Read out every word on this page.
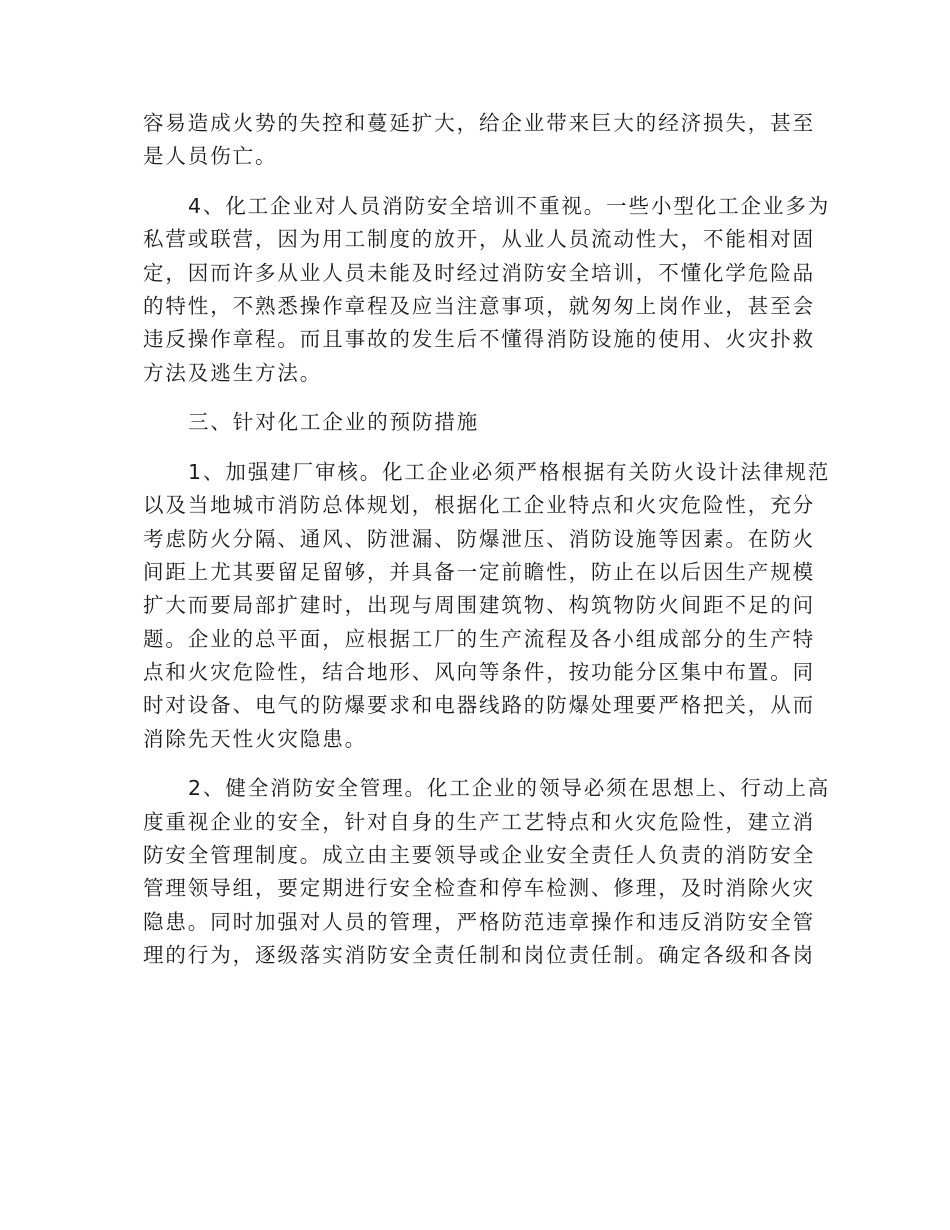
容易造成火势的失控和蔓延扩大，给企业带来巨大的经济损失，甚至
是人员伤亡。
4、化工企业对人员消防安全培训不重视。一些小型化工企业多为
私营或联营，因为用工制度的放开，从业人员流动性大，不能相对固
定，因而许多从业人员未能及时经过消防安全培训，不懂化学危险品
的特性，不熟悉操作章程及应当注意事项，就匆匆上岗作业，甚至会
违反操作章程。而且事故的发生后不懂得消防设施的使用、火灾扑救
方法及逃生方法。
三、针对化工企业的预防措施
1、加强建厂审核。化工企业必须严格根据有关防火设计法律规范
以及当地城市消防总体规划，根据化工企业特点和火灾危险性，充分
考虑防火分隔、通风、防泄漏、防爆泄压、消防设施等因素。在防火
间距上尤其要留足留够，并具备一定前瞻性，防止在以后因生产规模
扩大而要局部扩建时，出现与周围建筑物、构筑物防火间距不足的问
题。企业的总平面，应根据工厂的生产流程及各小组成部分的生产特
点和火灾危险性，结合地形、风向等条件，按功能分区集中布置。同
时对设备、电气的防爆要求和电器线路的防爆处理要严格把关，从而
消除先天性火灾隐患。
2、健全消防安全管理。化工企业的领导必须在思想上、行动上高
度重视企业的安全，针对自身的生产工艺特点和火灾危险性，建立消
防安全管理制度。成立由主要领导或企业安全责任人负责的消防安全
管理领导组，要定期进行安全检查和停车检测、修理，及时消除火灾
隐患。同时加强对人员的管理，严格防范违章操作和违反消防安全管
理的行为，逐级落实消防安全责任制和岗位责任制。确定各级和各岗
